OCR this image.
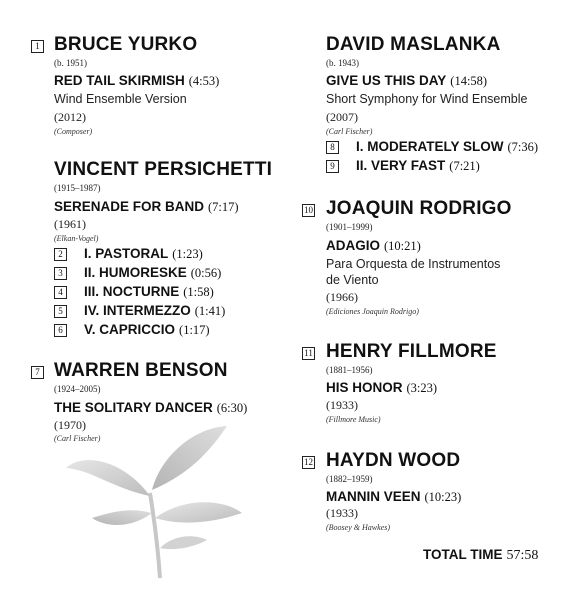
1 BRUCE YURKO
(b. 1951)
RED TAIL SKIRMISH (4:53)
Wind Ensemble Version
(2012)
(Composer)
VINCENT PERSICHETTI
(1915–1987)
SERENADE FOR BAND (7:17)
(1961)
(Elkan-Vogel)
2	I. PASTORAL (1:23)
3	II. HUMORESKE (0:56)
4	III. NOCTURNE (1:58)
5	IV. INTERMEZZO (1:41)
6	V. CAPRICCIO (1:17)
7 WARREN BENSON
(1924–2005)
THE SOLITARY DANCER (6:30)
(1970)
(Carl Fischer)
DAVID MASLANKA
(b. 1943)
GIVE US THIS DAY (14:58)
Short Symphony for Wind Ensemble
(2007)
(Carl Fischer)
8	I. MODERATELY SLOW (7:36)
9	II. VERY FAST (7:21)
10 JOAQUIN RODRIGO
(1901–1999)
ADAGIO (10:21)
Para Orquesta de Instrumentos
de Viento
(1966)
(Ediciones Joaquin Rodrigo)
11 HENRY FILLMORE
(1881–1956)
HIS HONOR (3:23)
(1933)
(Fillmore Music)
12 HAYDN WOOD
(1882–1959)
MANNIN VEEN (10:23)
(1933)
(Boosey & Hawkes)
TOTAL TIME 57:58
